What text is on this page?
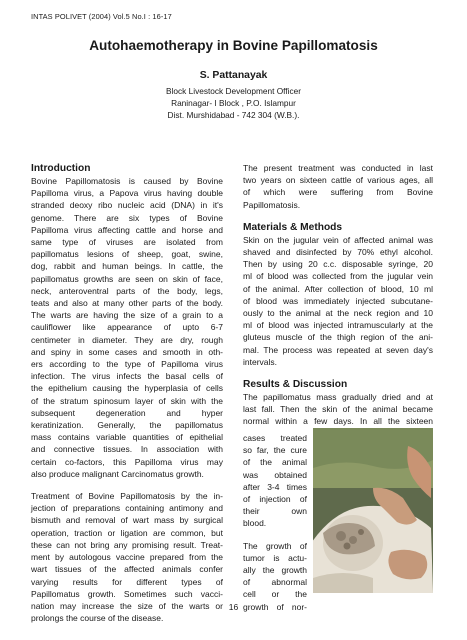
INTAS POLIVET (2004) Vol.5 No.I : 16-17
Autohaemotherapy in Bovine Papillomatosis
S. Pattanayak
Block Livestock Development Officer
Raninagar- I Block , P.O. Islampur
Dist. Murshidabad - 742 304 (W.B.).
Introduction
Bovine Papillomatosis is caused by Bovine
Papilloma virus, a Papova virus having double
stranded deoxy ribo nucleic acid (DNA) in it's
genome. There are six types of Bovine
Papilloma virus affecting cattle and horse and
same type of viruses are isolated from
papillomatus lesions of sheep, goat, swine,
dog, rabbit and human beings. In cattle, the
papillomatus growths are seen on skin of face,
neck, anteroventral parts of the body, legs,
teats and also at many other parts of the body.
The warts are having the size of a grain to a
cauliflower like appearance of upto 6-7
centimeter in diameter. They are dry, rough
and spiny in some cases and smooth in oth-
ers according to the type of Papilloma virus
infection. The virus infects the basal cells of
the epithelium causing the hyperplasia of cells
of the stratum spinosum layer of skin with the
subsequent degeneration and hyper
keratinization. Generally, the papillomatus
mass contains variable quantities of epithelial
and connective tissues. In association with
certain co-factors, this Papilloma virus may
also produce malignant Carcinomatus growth.
Treatment of Bovine Papillomatosis by the in-
jection of preparations containing antimony and
bismuth and removal of wart mass by surgical
operation, traction or ligation are common, but
these can not bring any promising result. Treat-
ment by autologous vaccine prepared from the
wart tissues of the affected animals confer
varying results for different types of
Papillomatus growth. Sometimes such vacci-
nation may increase the size of the warts or
prolongs the course of the disease.
The present treatment was conducted in last
two years on sixteen cattle of various ages, all
of which were suffering from Bovine
Papillomatosis.
Materials & Methods
Skin on the jugular vein of affected animal was
shaved and disinfected by 70% ethyl alcohol.
Then by using 20 c.c. disposable syringe, 20
ml of blood was collected from the jugular vein
of the animal. After collection of blood, 10 ml
of blood was immediately injected subcutane-
ously to the animal at the neck region and 10
ml of blood was injected intramuscularly at the
gluteus muscle of the thigh region of the ani-
mal. The process was repeated at seven day's
intervals.
Results & Discussion
The papillomatus mass gradually dried and at
last fall. Then the skin of the animal became
normal within a few days. In all the sixteen
cases treated
so far, the cure
of the animal
was obtained
after 3-4 times
of injection of
their own
blood.
The growth of
tumor is actu-
ally the growth
of abnormal
cell or the
growth of nor-
16
